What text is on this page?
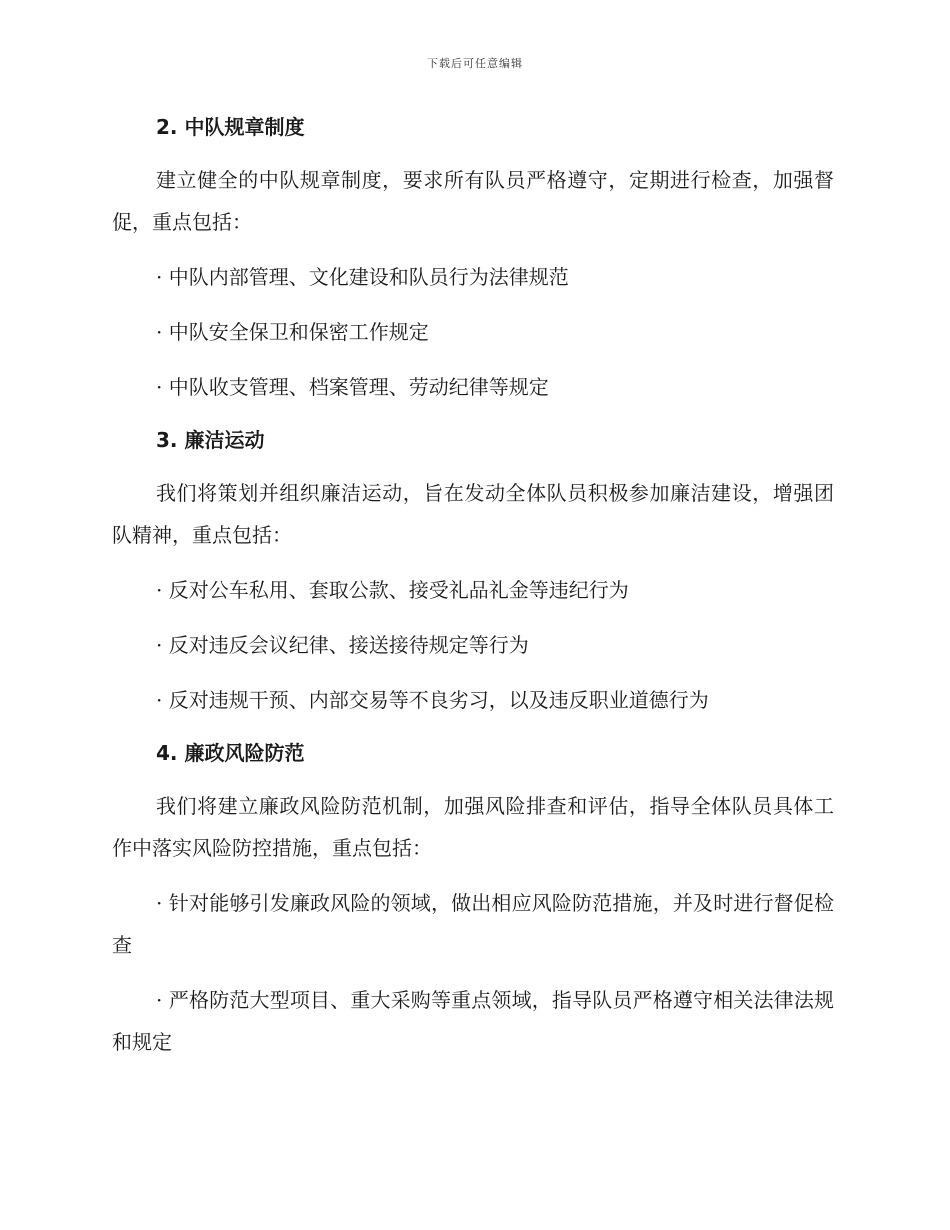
下载后可任意编辑
2. 中队规章制度

建立健全的中队规章制度，要求所有队员严格遵守，定期进行检查，加强督促，重点包括：

· 中队内部管理、文化建设和队员行为法律规范

· 中队安全保卫和保密工作规定

· 中队收支管理、档案管理、劳动纪律等规定

3. 廉洁运动

我们将策划并组织廉洁运动，旨在发动全体队员积极参加廉洁建设，增强团队精神，重点包括：

· 反对公车私用、套取公款、接受礼品礼金等违纪行为

· 反对违反会议纪律、接送接待规定等行为

· 反对违规干预、内部交易等不良劣习，以及违反职业道德行为

4. 廉政风险防范

我们将建立廉政风险防范机制，加强风险排查和评估，指导全体队员具体工作中落实风险防控措施，重点包括：

· 针对能够引发廉政风险的领域，做出相应风险防范措施，并及时进行督促检查

· 严格防范大型项目、重大采购等重点领域，指导队员严格遵守相关法律法规和规定
